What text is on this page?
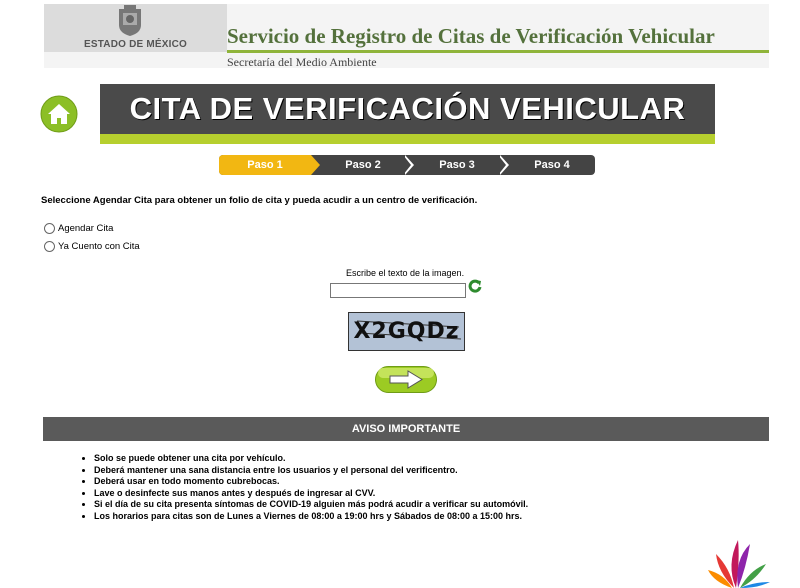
ESTADO DE MÉXICO	Servicio de Registro de Citas de Verificación Vehicular
Secretaría del Medio Ambiente
CITA DE VERIFICACIÓN VEHICULAR
Paso 1	Paso 2	Paso 3	Paso 4
Seleccione Agendar Cita para obtener un folio de cita y pueda acudir a un centro de verificación.
Agendar Cita
Ya Cuento con Cita
Escribe el texto de la imagen.
X2GQDz
AVISO IMPORTANTE
• Solo se puede obtener una cita por vehículo.
• Deberá mantener una sana distancia entre los usuarios y el personal del verificentro.
• Deberá usar en todo momento cubrebocas.
• Lave o desinfecte sus manos antes y después de ingresar al CVV.
• Si el día de su cita presenta síntomas de COVID-19 alguien más podrá acudir a verificar su automóvil.
• Los horarios para citas son de Lunes a Viernes de 08:00 a 19:00 hrs y Sábados de 08:00 a 15:00 hrs.
